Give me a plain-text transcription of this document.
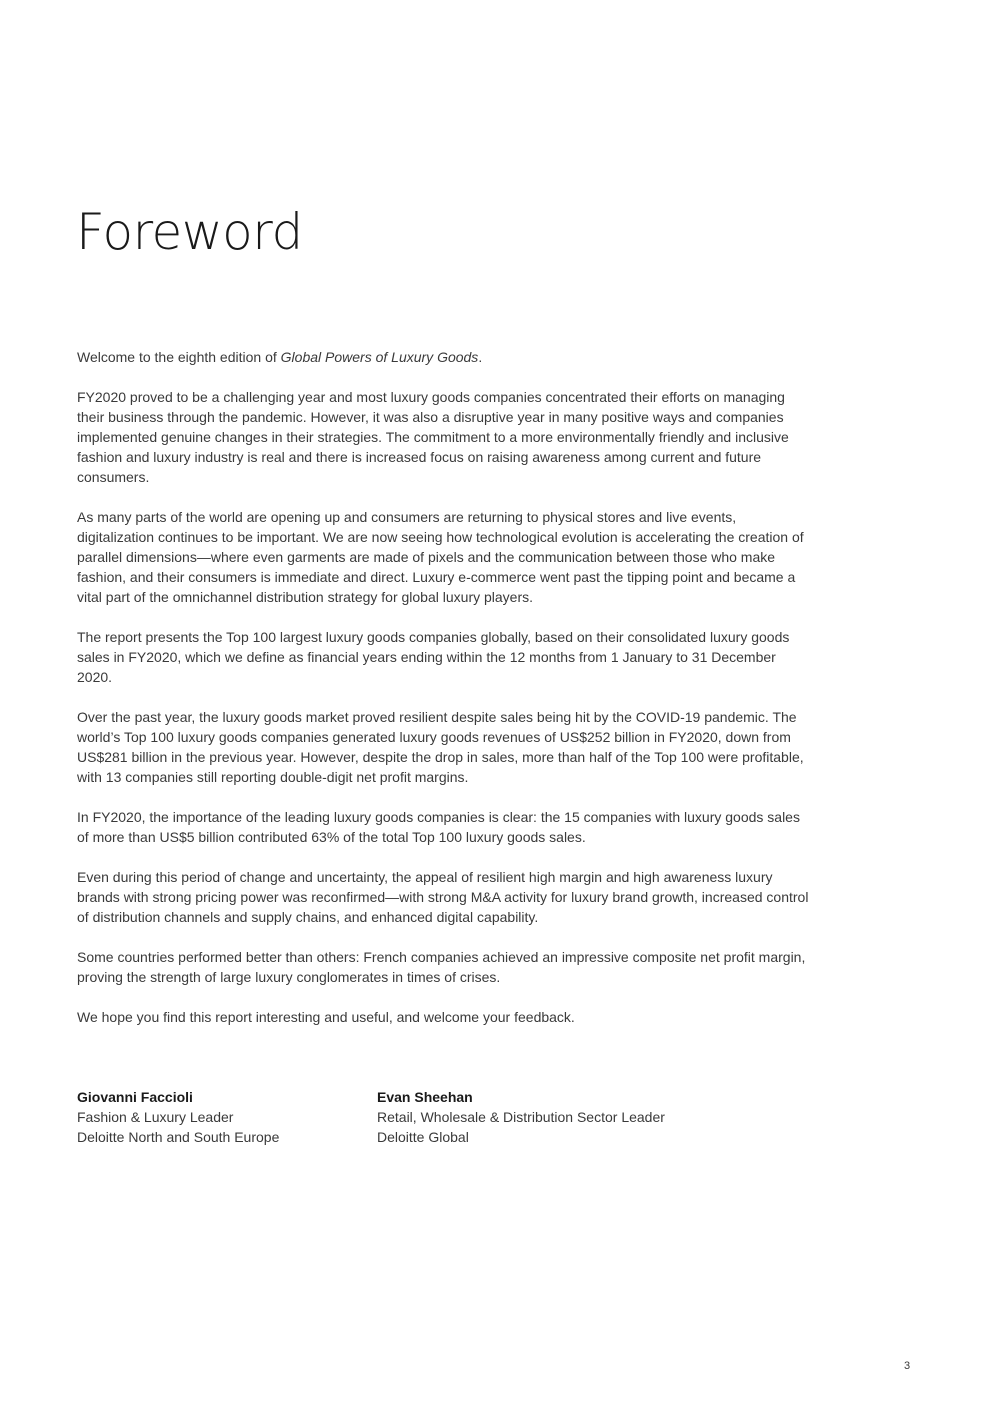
Foreword

Welcome to the eighth edition of Global Powers of Luxury Goods.

FY2020 proved to be a challenging year and most luxury goods companies concentrated their efforts on managing their business through the pandemic. However, it was also a disruptive year in many positive ways and companies implemented genuine changes in their strategies. The commitment to a more environmentally friendly and inclusive fashion and luxury industry is real and there is increased focus on raising awareness among current and future consumers.

As many parts of the world are opening up and consumers are returning to physical stores and live events, digitalization continues to be important. We are now seeing how technological evolution is accelerating the creation of parallel dimensions—where even garments are made of pixels and the communication between those who make fashion, and their consumers is immediate and direct. Luxury e-commerce went past the tipping point and became a vital part of the omnichannel distribution strategy for global luxury players.

The report presents the Top 100 largest luxury goods companies globally, based on their consolidated luxury goods sales in FY2020, which we define as financial years ending within the 12 months from 1 January to 31 December 2020.

Over the past year, the luxury goods market proved resilient despite sales being hit by the COVID-19 pandemic. The world’s Top 100 luxury goods companies generated luxury goods revenues of US$252 billion in FY2020, down from US$281 billion in the previous year. However, despite the drop in sales, more than half of the Top 100 were profitable, with 13 companies still reporting double-digit net profit margins.

In FY2020, the importance of the leading luxury goods companies is clear: the 15 companies with luxury goods sales of more than US$5 billion contributed 63% of the total Top 100 luxury goods sales.

Even during this period of change and uncertainty, the appeal of resilient high margin and high awareness luxury brands with strong pricing power was reconfirmed—with strong M&A activity for luxury brand growth, increased control of distribution channels and supply chains, and enhanced digital capability.

Some countries performed better than others: French companies achieved an impressive composite net profit margin, proving the strength of large luxury conglomerates in times of crises.

We hope you find this report interesting and useful, and welcome your feedback.

Giovanni Faccioli
Fashion & Luxury Leader
Deloitte North and South Europe
Evan Sheehan
Retail, Wholesale & Distribution Sector Leader
Deloitte Global
3
